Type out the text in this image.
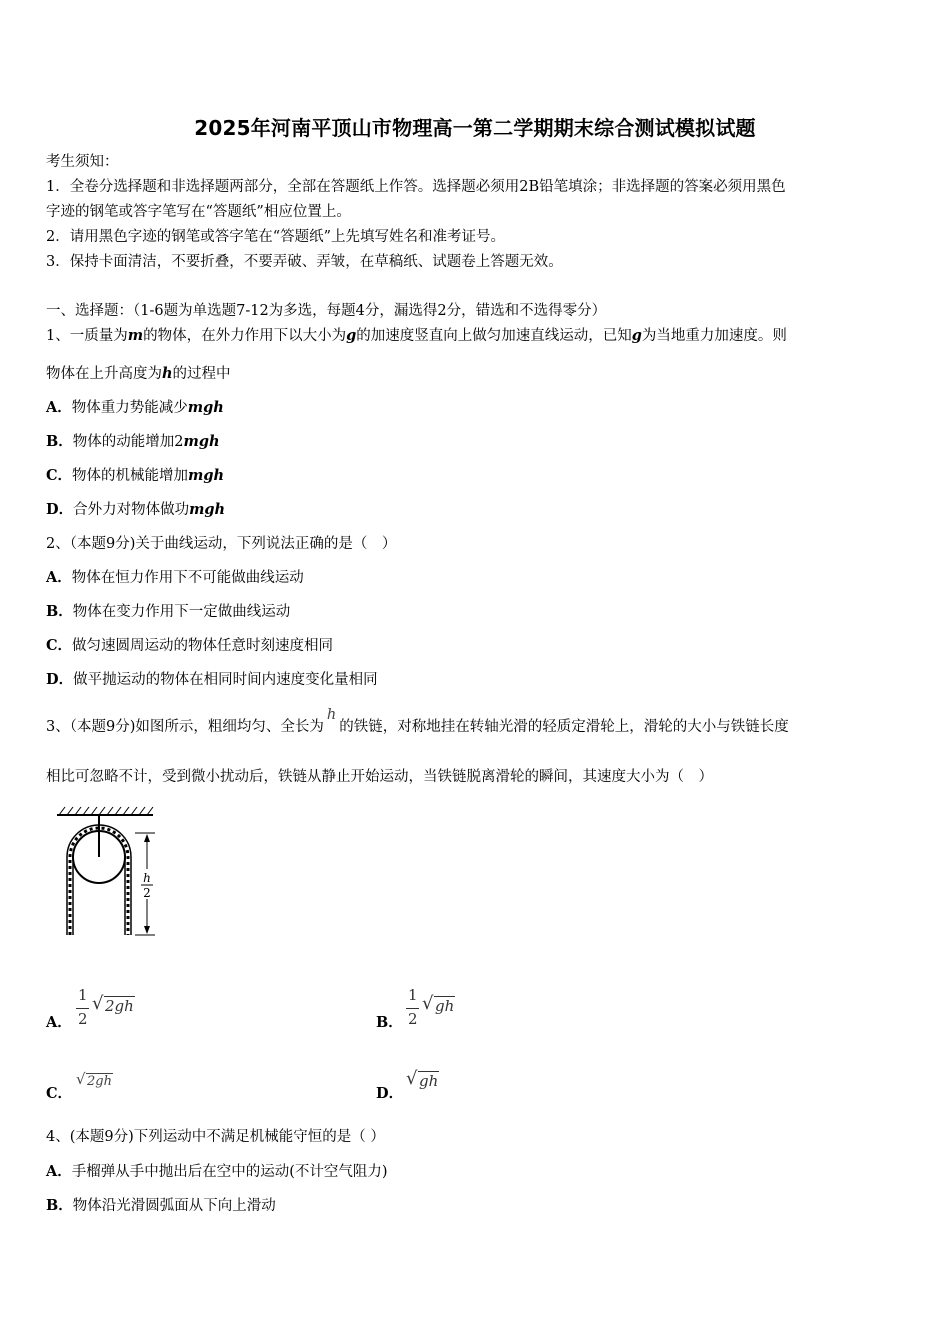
2025年河南平顶山市物理高一第二学期期末综合测试模拟试题
考生须知：
1．全卷分选择题和非选择题两部分，全部在答题纸上作答。选择题必须用2B铅笔填涂；非选择题的答案必须用黑色
字迹的钢笔或答字笔写在“答题纸”相应位置上。
2．请用黑色字迹的钢笔或答字笔在“答题纸”上先填写姓名和准考证号。
3．保持卡面清洁，不要折叠，不要弄破、弄皱，在草稿纸、试题卷上答题无效。
一、选择题：（1-6题为单选题7-12为多选，每题4分，漏选得2分，错选和不选得零分）
1、一质量为m的物体，在外力作用下以大小为g的加速度竖直向上做匀加速直线运动，已知g为当地重力加速度。则
物体在上升高度为h的过程中
A．物体重力势能减少mgh
B．物体的动能增加2mgh
C．物体的机械能增加mgh
D．合外力对物体做功mgh
2、（本题9分)关于曲线运动，下列说法正确的是（　）
A．物体在恒力作用下不可能做曲线运动
B．物体在变力作用下一定做曲线运动
C．做匀速圆周运动的物体任意时刻速度相同
D．做平抛运动的物体在相同时间内速度变化量相同
3、（本题9分)如图所示，粗细均匀、全长为h的铁链，对称地挂在转轴光滑的轻质定滑轮上，滑轮的大小与铁链长度
相比可忽略不计，受到微小扰动后，铁链从静止开始运动，当铁链脱离滑轮的瞬间，其速度大小为（　）
h
2
A．
1
2
√ 2gh
B．
1
2
√ gh
C．
√ 2gh
D．
√ gh
4、(本题9分)下列运动中不满足机械能守恒的是（ ）
A．手榴弹从手中抛出后在空中的运动(不计空气阻力)
B．物体沿光滑圆弧面从下向上滑动
